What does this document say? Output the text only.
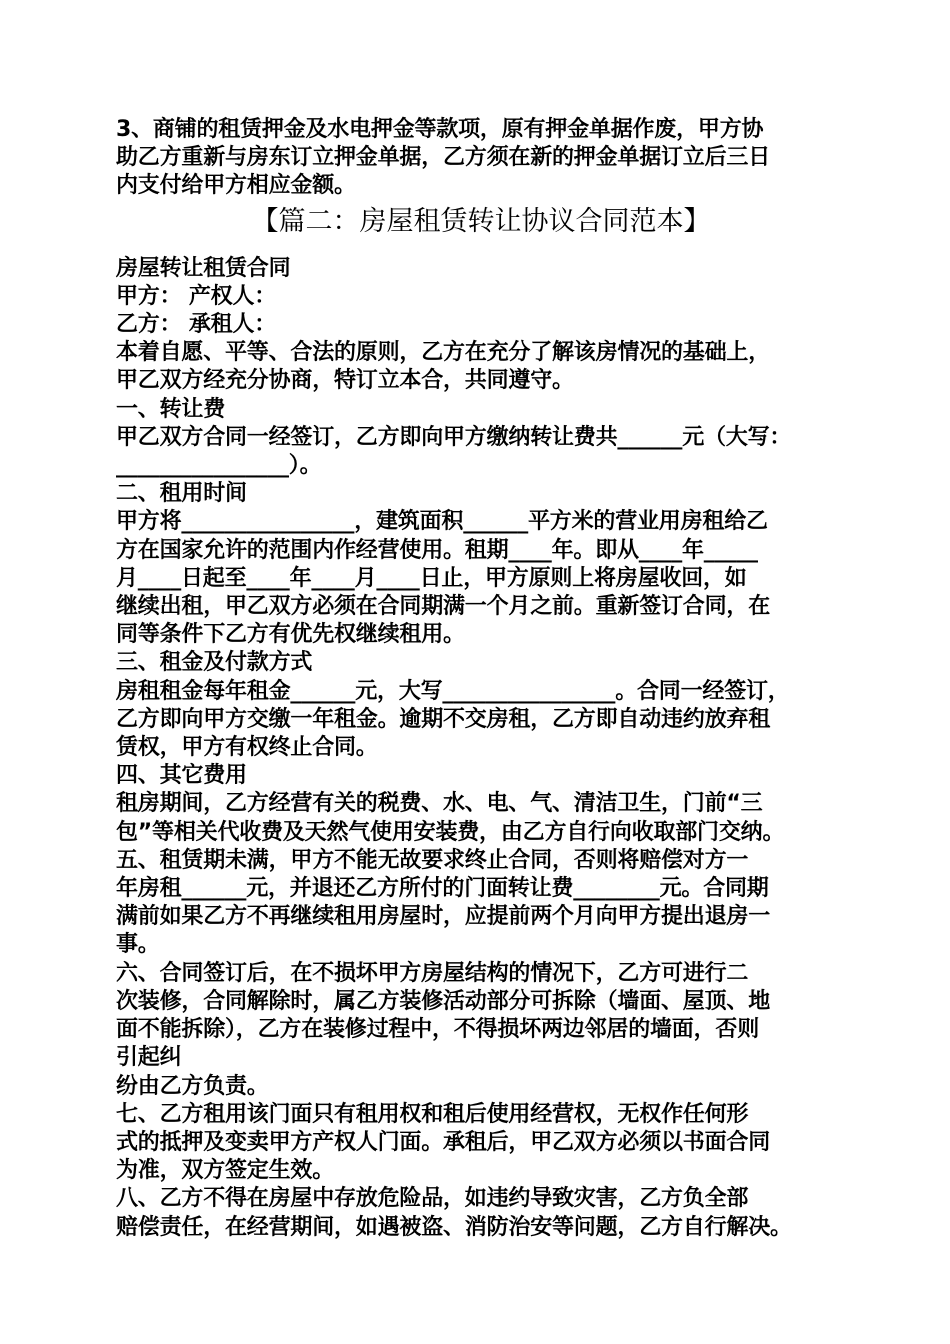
3、商铺的租赁押金及水电押金等款项，原有押金单据作废，甲方协
助乙方重新与房东订立押金单据，乙方须在新的押金单据订立后三日
内支付给甲方相应金额。
【篇二：房屋租赁转让协议合同范本】
房屋转让租赁合同
甲方： 产权人：
乙方： 承租人：
本着自愿、平等、合法的原则，乙方在充分了解该房情况的基础上，
甲乙双方经充分协商，特订立本合，共同遵守。
一、转让费
甲乙双方合同一经签订，乙方即向甲方缴纳转让费共______元（大写：
________________）。
二、租用时间
甲方将________________，建筑面积______平方米的营业用房租给乙
方在国家允许的范围内作经营使用。租期____年。即从____年_____
月____日起至____年____月____日止，甲方原则上将房屋收回，如
继续出租，甲乙双方必须在合同期满一个月之前。重新签订合同，在
同等条件下乙方有优先权继续租用。
三、租金及付款方式
房租租金每年租金______元，大写________________。合同一经签订，
乙方即向甲方交缴一年租金。逾期不交房租，乙方即自动违约放弃租
赁权，甲方有权终止合同。
四、其它费用
租房期间，乙方经营有关的税费、水、电、气、清洁卫生，门前“三
包”等相关代收费及天然气使用安装费，由乙方自行向收取部门交纳。
五、租赁期未满，甲方不能无故要求终止合同，否则将赔偿对方一
年房租______元，并退还乙方所付的门面转让费________元。合同期
满前如果乙方不再继续租用房屋时，应提前两个月向甲方提出退房一
事。
六、合同签订后，在不损坏甲方房屋结构的情况下，乙方可进行二
次装修，合同解除时，属乙方装修活动部分可拆除（墙面、屋顶、地
面不能拆除），乙方在装修过程中，不得损坏两边邻居的墙面，否则
引起纠
纷由乙方负责。
七、乙方租用该门面只有租用权和租后使用经营权，无权作任何形
式的抵押及变卖甲方产权人门面。承租后，甲乙双方必须以书面合同
为准，双方签定生效。
八、乙方不得在房屋中存放危险品，如违约导致灾害，乙方负全部
赔偿责任，在经营期间，如遇被盗、消防治安等问题，乙方自行解决。
